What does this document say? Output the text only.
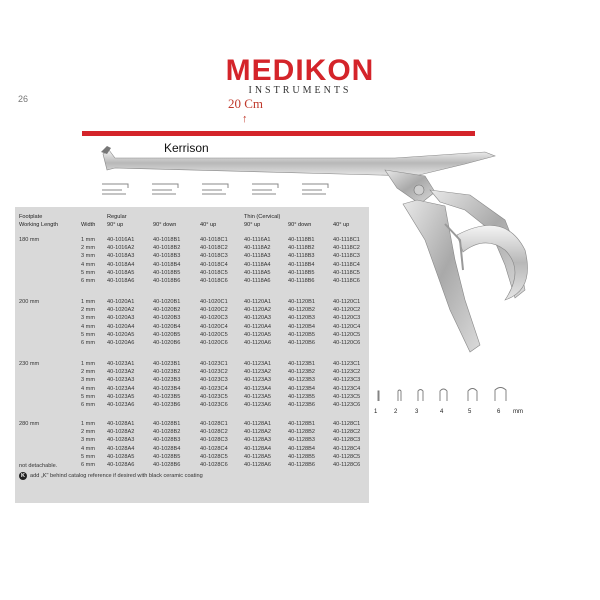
MEDIKON
INSTRUMENTS
26	20 Cm
↑
Kerrison
Footplate
Working Length	Width
Regular	Thin (Cervical)
90° up	90° down	40° up	90° up	90° down	40° up
180 mm	1 mm 40-1016A1	40-1018B1	40-1018C1	40-1116A1	40-1118B1	40-1118C1
2 mm 40-1016A2	40-1018B2	40-1018C2	40-1118A2	40-1118B2	40-1118C2
3 mm 40-1018A3	40-1018B3	40-1018C3	40-1118A3	40-1118B3	40-1118C3
4 mm 40-1018A4	40-1018B4	40-1018C4	40-1118A4	40-1118B4	40-1118C4
5 mm 40-1018A5	40-1018B5	40-1018C5	40-1118A5	40-1118B5	40-1118C5
6 mm 40-1018A6	40-1018B6	40-1018C6	40-1118A6	40-1118B6	40-1118C6
200 mm	1 mm 40-1020A1	40-1020B1	40-1020C1	40-1120A1	40-1120B1	40-1120C1
2 mm 40-1020A2	40-1020B2	40-1020C2	40-1120A2	40-1120B2	40-1120C2
3 mm 40-1020A3	40-1020B3	40-1020C3	40-1120A3	40-1120B3	40-1120C3
4 mm 40-1020A4	40-1020B4	40-1020C4	40-1120A4	40-1120B4	40-1120C4
5 mm 40-1020A5	40-1020B5	40-1020C5	40-1120A5	40-1120B5	40-1120C5
6 mm 40-1020A6	40-1020B6	40-1020C6	40-1120A6	40-1120B6	40-1120C6
230 mm	1 mm 40-1023A1	40-1023B1	40-1023C1	40-1123A1	40-1123B1	40-1123C1
2 mm 40-1023A2	40-1023B2	40-1023C2	40-1123A2	40-1123B2	40-1123C2
3 mm 40-1023A3	40-1023B3	40-1023C3	40-1123A3	40-1123B3	40-1123C3
4 mm 40-1023A4	40-1023B4	40-1023C4	40-1123A4	40-1123B4	40-1123C4
5 mm 40-1023A5	40-1023B5	40-1023C5	40-1123A5	40-1123B5	40-1123C5
6 mm 40-1023A6	40-1023B6	40-1023C6	40-1123A6	40-1123B6	40-1123C6
280 mm	1 mm 40-1028A1	40-1028B1	40-1028C1	40-1128A1	40-1128B1	40-1128C1
2 mm 40-1028A2	40-1028B2	40-1028C2	40-1128A2	40-1128B2	40-1128C2
3 mm 40-1028A3	40-1028B3	40-1028C3	40-1128A3	40-1128B3	40-1128C3
4 mm 40-1028A4	40-1028B4	40-1028C4	40-1128A4	40-1128B4	40-1128C4
5 mm 40-1028A5	40-1028B5	40-1028C5	40-1128A5	40-1128B5	40-1128C5
6 mm 40-1028A6	40-1028B6	40-1028C6	40-1128A6	40-1128B6	40-1128C6
not detachable.
K add „K" behind catalog reference if desired with black ceramic coating
1	2	3	4	5	6 mm
